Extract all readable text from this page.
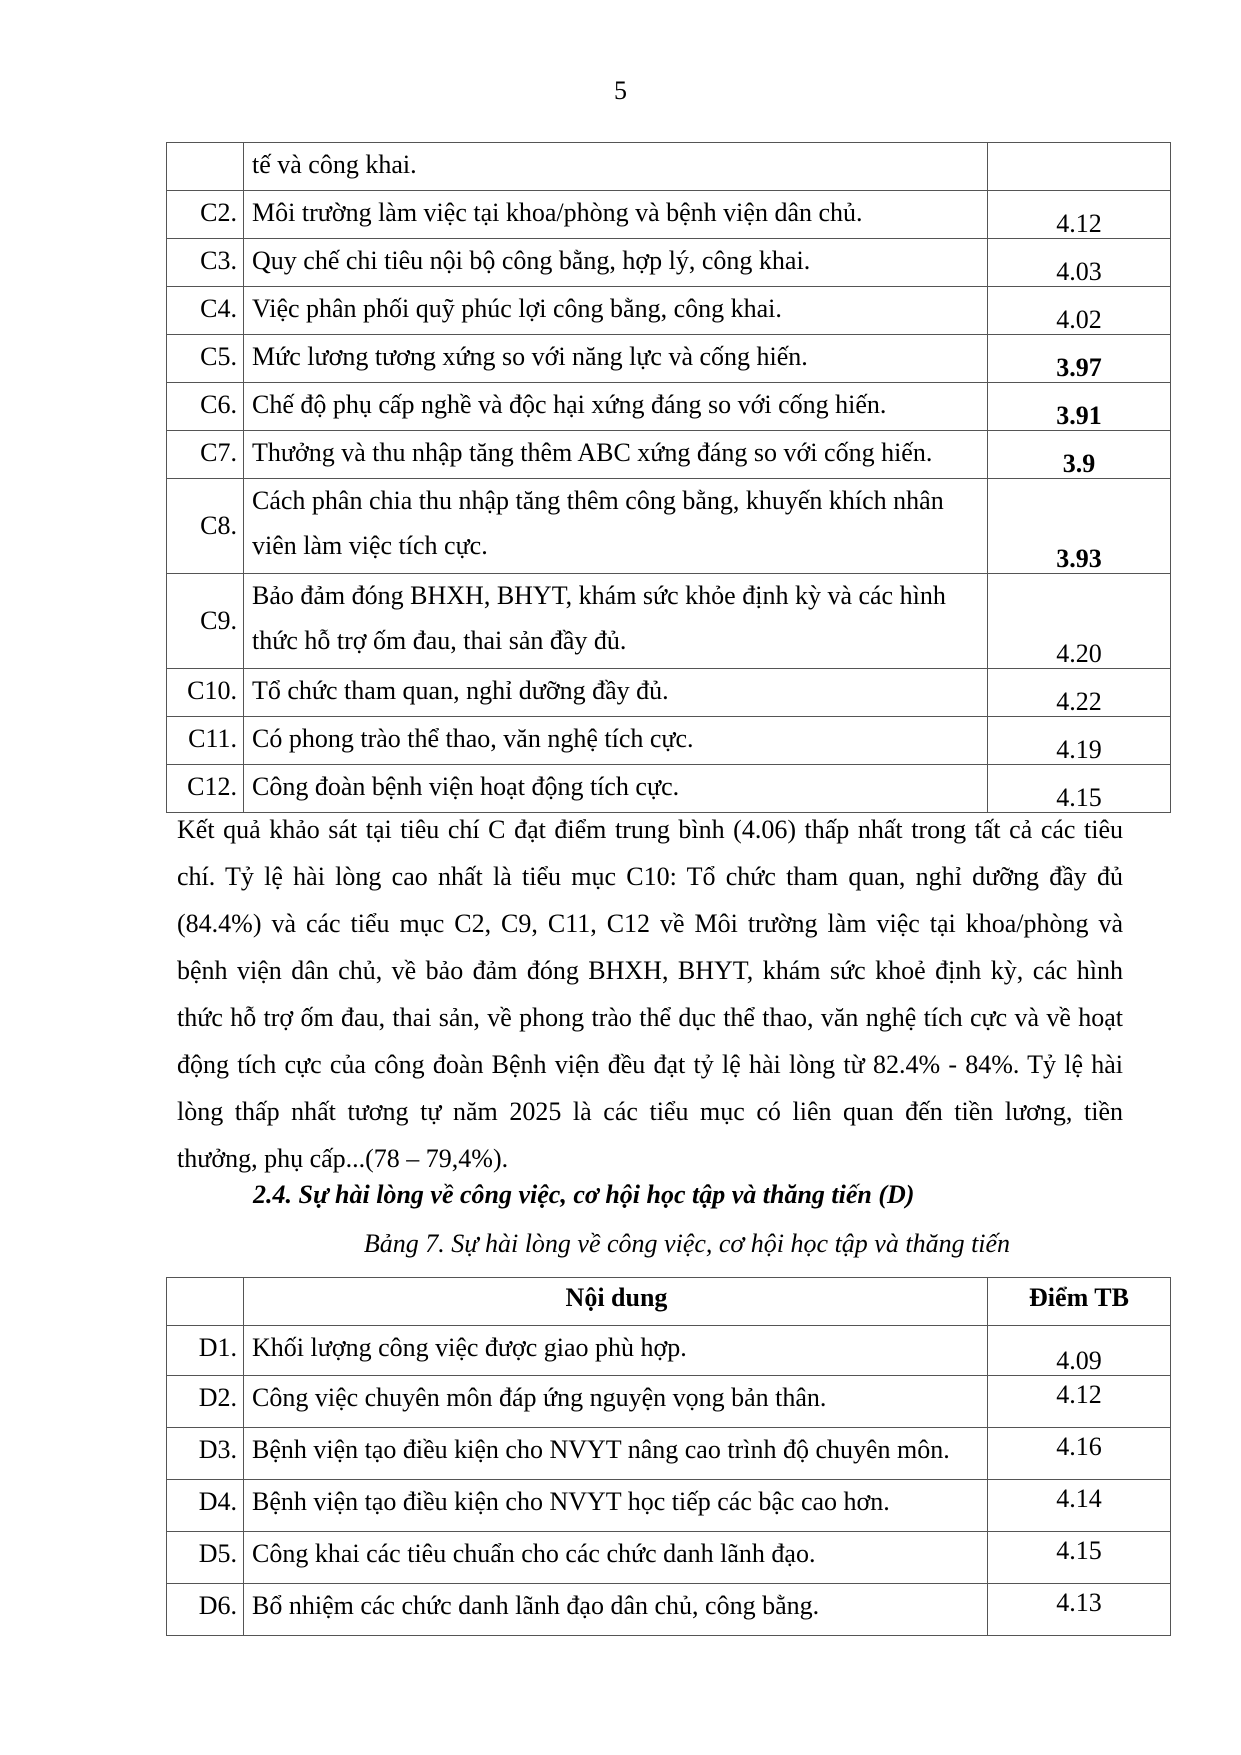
5

	tế và công khai.	

C2.	Môi trường làm việc tại khoa/phòng và bệnh viện dân chủ.	4.12

C3.	Quy chế chi tiêu nội bộ công bằng, hợp lý, công khai.	4.03

C4.	Việc phân phối quỹ phúc lợi công bằng, công khai.	4.02

C5.	Mức lương tương xứng so với năng lực và cống hiến.	3.97

C6.	Chế độ phụ cấp nghề và độc hại xứng đáng so với cống hiến.	3.91

C7.	Thưởng và thu nhập tăng thêm ABC xứng đáng so với cống hiến.	3.9

C8.	Cách phân chia thu nhập tăng thêm công bằng, khuyến khích nhân
viên làm việc tích cực.	3.93

C9.	Bảo đảm đóng BHXH, BHYT, khám sức khỏe định kỳ và các hình
thức hỗ trợ ốm đau, thai sản đầy đủ.	4.20

C10.	Tổ chức tham quan, nghỉ dưỡng đầy đủ.	4.22

C11.	Có phong trào thể thao, văn nghệ tích cực.	4.19

C12.	Công đoàn bệnh viện hoạt động tích cực.	4.15

Kết quả khảo sát tại tiêu chí C đạt điểm trung bình (4.06) thấp nhất trong tất cả các tiêu chí. Tỷ lệ hài lòng cao nhất là tiểu mục C10: Tổ chức tham quan, nghỉ dưỡng đầy đủ (84.4%) và các tiểu mục C2, C9, C11, C12 về Môi trường làm việc tại khoa/phòng và bệnh viện dân chủ, về bảo đảm đóng BHXH, BHYT, khám sức khoẻ định kỳ, các hình thức hỗ trợ ốm đau, thai sản, về phong trào thể dục thể thao, văn nghệ tích cực và về hoạt động tích cực của công đoàn Bệnh viện đều đạt tỷ lệ hài lòng từ 82.4% - 84%. Tỷ lệ hài lòng thấp nhất tương tự năm 2025 là các tiểu mục có liên quan đến tiền lương, tiền thưởng, phụ cấp...(78 – 79,4%).

2.4. Sự hài lòng về công việc, cơ hội học tập và thăng tiến (D)
Bảng 7. Sự hài lòng về công việc, cơ hội học tập và thăng tiến
	Nội dung	Điểm TB

D1.	Khối lượng công việc được giao phù hợp.	4.09

D2.	Công việc chuyên môn đáp ứng nguyện vọng bản thân.	4.12

D3.	Bệnh viện tạo điều kiện cho NVYT nâng cao trình độ chuyên môn.	4.16

D4.	Bệnh viện tạo điều kiện cho NVYT học tiếp các bậc cao hơn.	4.14

D5.	Công khai các tiêu chuẩn cho các chức danh lãnh đạo.	4.15

D6.	Bổ nhiệm các chức danh lãnh đạo dân chủ, công bằng.	4.13
